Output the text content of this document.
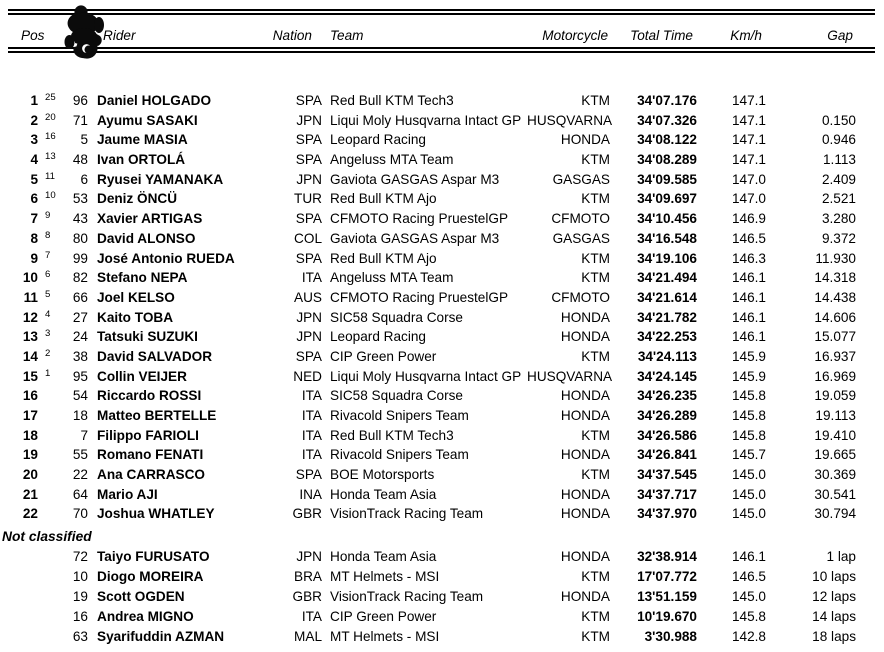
Pos	Rider	Nation	Team	Motorcycle	Total Time	Km/h	Gap
1 25	96 Daniel HOLGADO	SPA Red Bull KTM Tech3	KTM	34'07.176	147.1
2 20	71 Ayumu SASAKI	JPN Liqui Moly Husqvarna Intact GP HUSQVARNA	34'07.326	147.1	0.150
3 16	5 Jaume MASIA	SPA Leopard Racing	HONDA	34'08.122	147.1	0.946
4 13	48 Ivan ORTOLÁ	SPA Angeluss MTA Team	KTM	34'08.289	147.1	1.113
5 11	6 Ryusei YAMANAKA	JPN Gaviota GASGAS Aspar M3	GASGAS	34'09.585	147.0	2.409
6 10	53 Deniz ÖNCÜ	TUR Red Bull KTM Ajo	KTM	34'09.697	147.0	2.521
7 9	43 Xavier ARTIGAS	SPA CFMOTO Racing PruestelGP	CFMOTO	34'10.456	146.9	3.280
8 8	80 David ALONSO	COL Gaviota GASGAS Aspar M3	GASGAS	34'16.548	146.5	9.372
9 7	99 José Antonio RUEDA	SPA Red Bull KTM Ajo	KTM	34'19.106	146.3	11.930
10 6	82 Stefano NEPA	ITA Angeluss MTA Team	KTM	34'21.494	146.1	14.318
11 5	66 Joel KELSO	AUS CFMOTO Racing PruestelGP	CFMOTO	34'21.614	146.1	14.438
12 4	27 Kaito TOBA	JPN SIC58 Squadra Corse	HONDA	34'21.782	146.1	14.606
13 3	24 Tatsuki SUZUKI	JPN Leopard Racing	HONDA	34'22.253	146.1	15.077
14 2	38 David SALVADOR	SPA CIP Green Power	KTM	34'24.113	145.9	16.937
15 1	95 Collin VEIJER	NED Liqui Moly Husqvarna Intact GP HUSQVARNA	34'24.145	145.9	16.969
16	54 Riccardo ROSSI	ITA SIC58 Squadra Corse	HONDA	34'26.235	145.8	19.059
17	18 Matteo BERTELLE	ITA Rivacold Snipers Team	HONDA	34'26.289	145.8	19.113
18	7 Filippo FARIOLI	ITA Red Bull KTM Tech3	KTM	34'26.586	145.8	19.410
19	55 Romano FENATI	ITA Rivacold Snipers Team	HONDA	34'26.841	145.7	19.665
20	22 Ana CARRASCO	SPA BOE Motorsports	KTM	34'37.545	145.0	30.369
21	64 Mario AJI	INA Honda Team Asia	HONDA	34'37.717	145.0	30.541
22	70 Joshua WHATLEY	GBR VisionTrack Racing Team	HONDA	34'37.970	145.0	30.794
Not classified
72 Taiyo FURUSATO	JPN Honda Team Asia	HONDA	32'38.914	146.1	1 lap
10 Diogo MOREIRA	BRA MT Helmets - MSI	KTM	17'07.772	146.5	10 laps
19 Scott OGDEN	GBR VisionTrack Racing Team	HONDA	13'51.159	145.0	12 laps
16 Andrea MIGNO	ITA CIP Green Power	KTM	10'19.670	145.8	14 laps
63 Syarifuddin AZMAN	MAL MT Helmets - MSI	KTM	3'30.988	142.8	18 laps
